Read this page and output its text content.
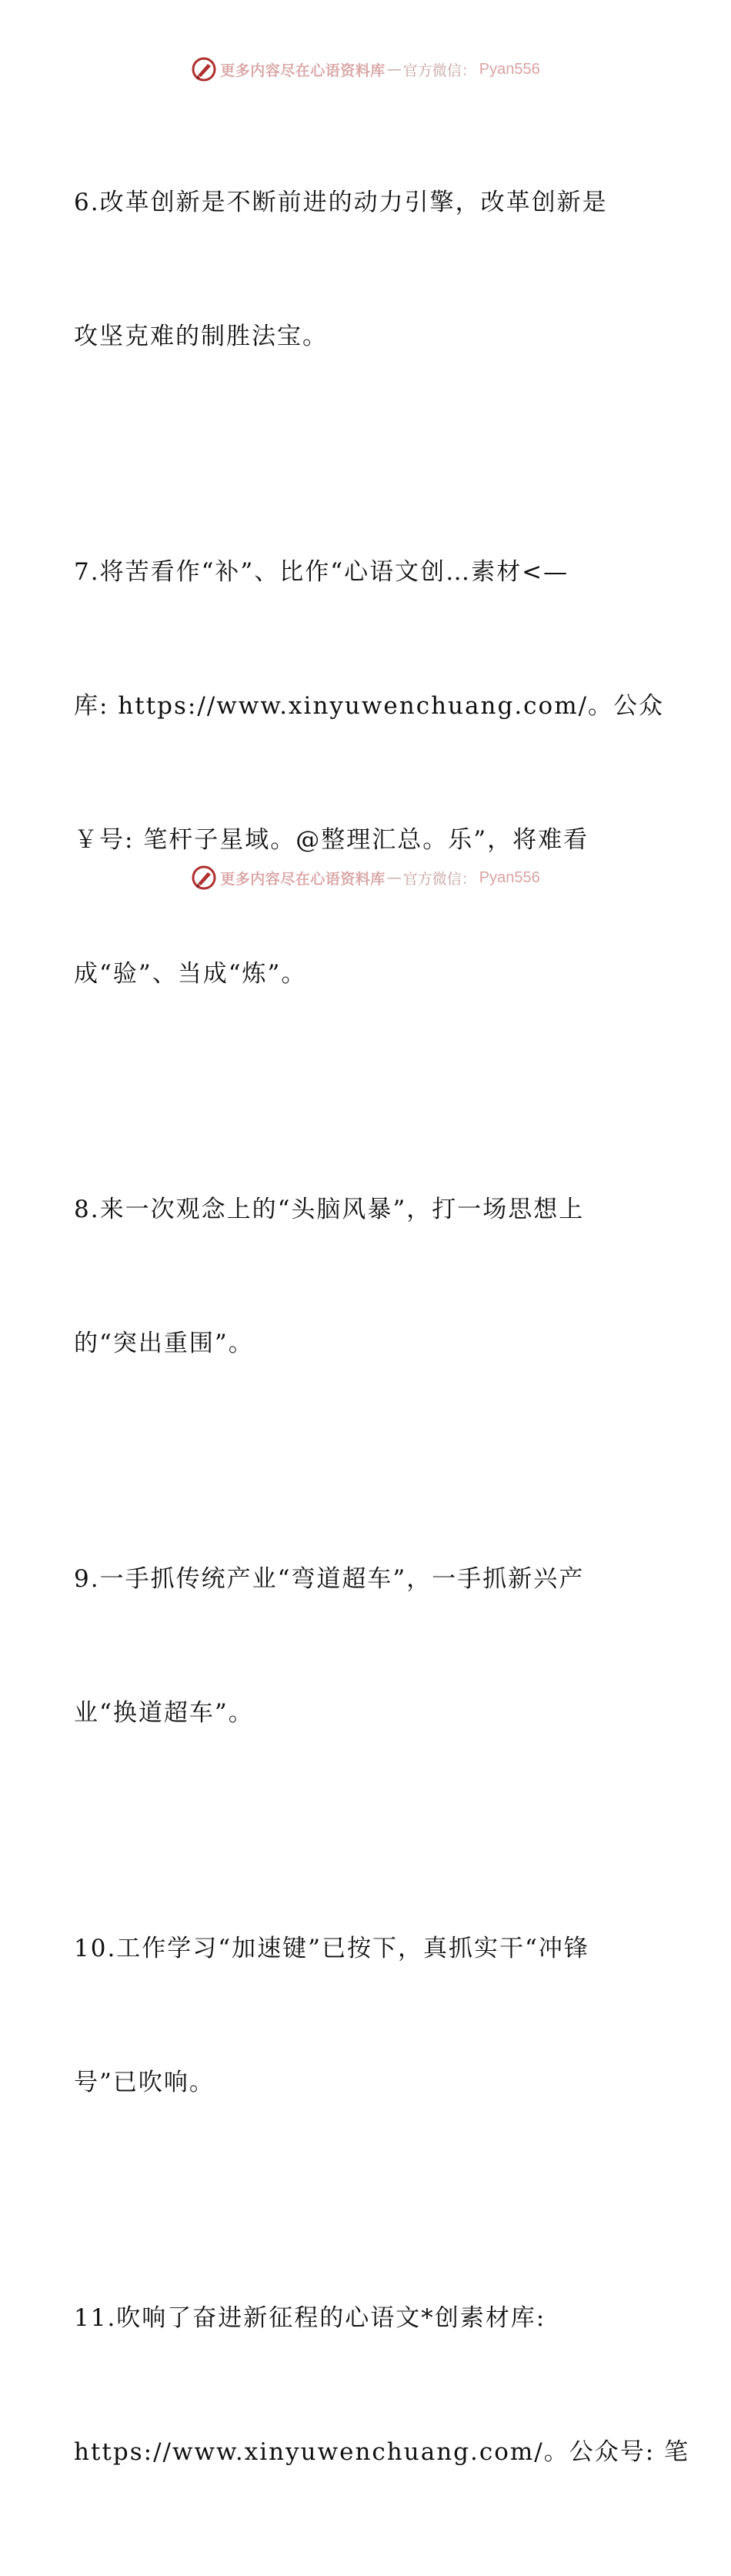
更多内容尽在心语资料库 — 官方微信： Pyan556

6.改革创新是不断前进的动力引擎，改革创新是

攻坚克难的制胜法宝。

7.将苦看作“补”、比作“心语文创…素材<—

库: https://www.xinyuwenchuang.com/。公众

￥号: 笔杆子星域。@整理汇总。乐”，将难看

成“验”、当成“炼”。

8.来一次观念上的“头脑风暴”，打一场思想上

的“突出重围”。

9.一手抓传统产业“弯道超车”，一手抓新兴产

业“换道超车”。

10.工作学习“加速键”已按下，真抓实干“冲锋

号”已吹响。

11.吹响了奋进新征程的心语文*创素材库:

https://www.xinyuwenchuang.com/。公众号: 笔

更多内容尽在心语资料库 — 官方微信： Pyan556
